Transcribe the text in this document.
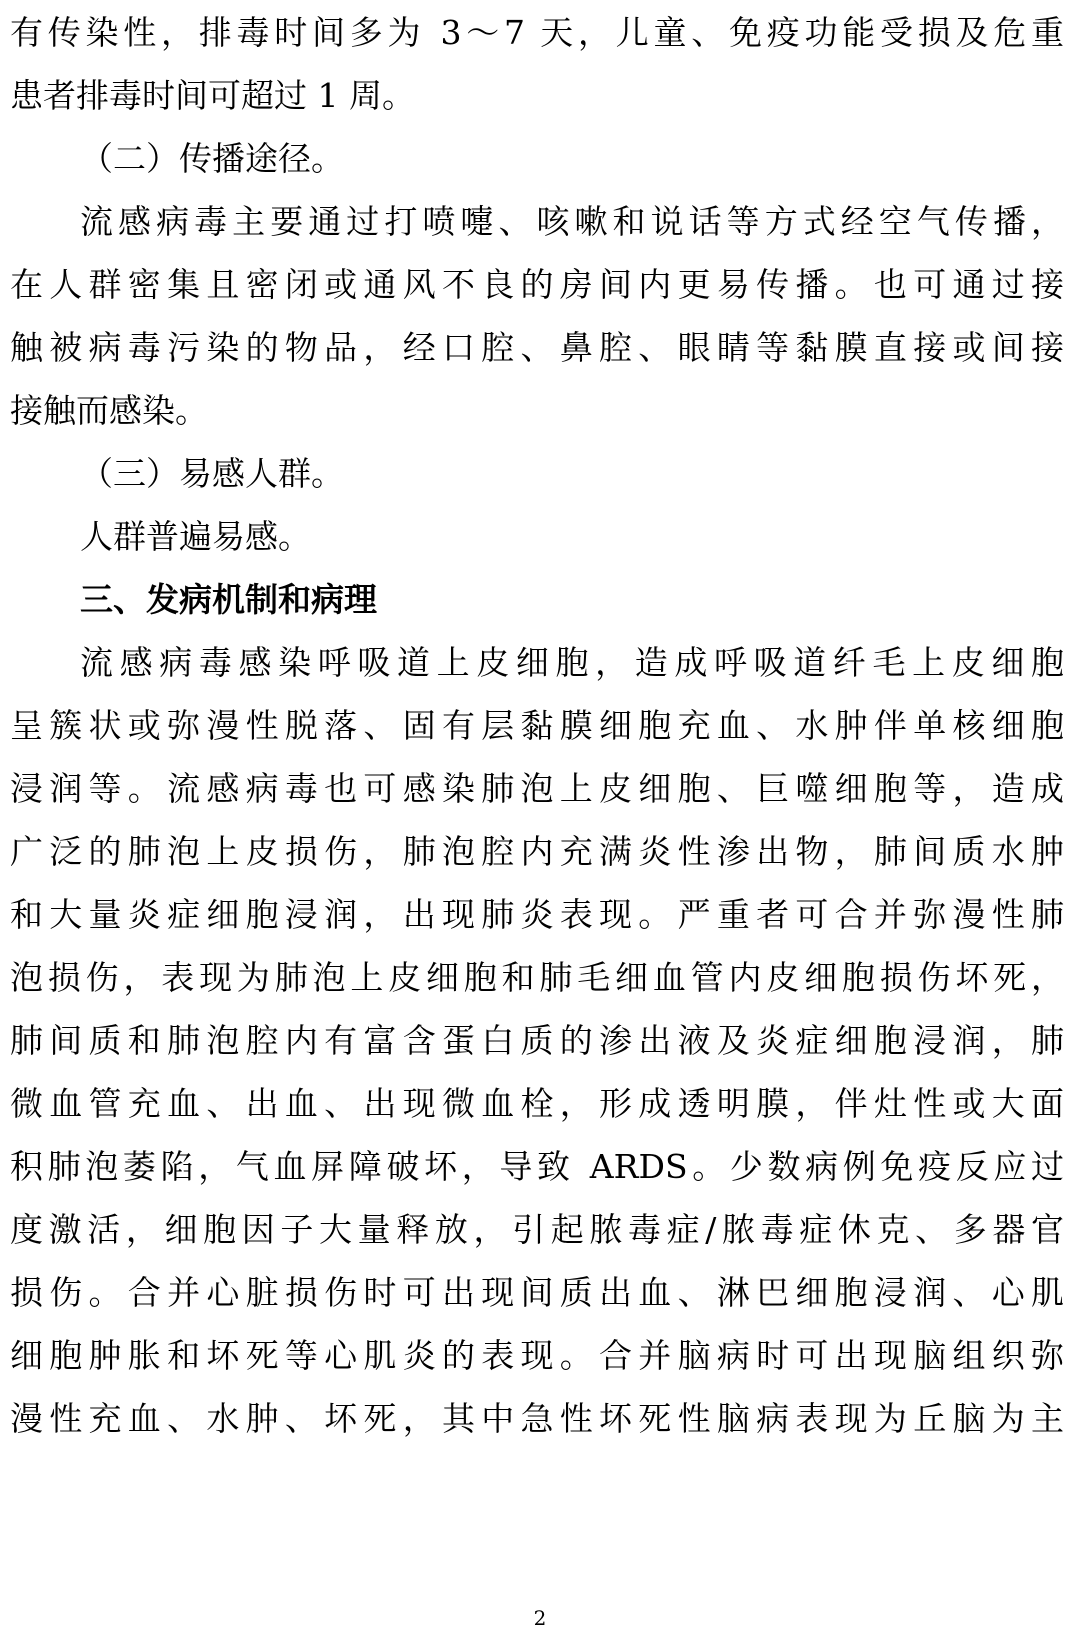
有传染性，排毒时间多为 3～7 天，儿童、免疫功能受损及危重
患者排毒时间可超过 1 周。
（二）传播途径。
流感病毒主要通过打喷嚏、咳嗽和说话等方式经空气传播，
在人群密集且密闭或通风不良的房间内更易传播。也可通过接
触被病毒污染的物品，经口腔、鼻腔、眼睛等黏膜直接或间接
接触而感染。
（三）易感人群。
人群普遍易感。
三、发病机制和病理
流感病毒感染呼吸道上皮细胞，造成呼吸道纤毛上皮细胞
呈簇状或弥漫性脱落、固有层黏膜细胞充血、水肿伴单核细胞
浸润等。流感病毒也可感染肺泡上皮细胞、巨噬细胞等，造成
广泛的肺泡上皮损伤，肺泡腔内充满炎性渗出物，肺间质水肿
和大量炎症细胞浸润，出现肺炎表现。严重者可合并弥漫性肺
泡损伤，表现为肺泡上皮细胞和肺毛细血管内皮细胞损伤坏死，
肺间质和肺泡腔内有富含蛋白质的渗出液及炎症细胞浸润，肺
微血管充血、出血、出现微血栓，形成透明膜，伴灶性或大面
积肺泡萎陷，气血屏障破坏，导致 ARDS。少数病例免疫反应过
度激活，细胞因子大量释放，引起脓毒症/脓毒症休克、多器官
损伤。合并心脏损伤时可出现间质出血、淋巴细胞浸润、心肌
细胞肿胀和坏死等心肌炎的表现。合并脑病时可出现脑组织弥
漫性充血、水肿、坏死，其中急性坏死性脑病表现为丘脑为主
2
